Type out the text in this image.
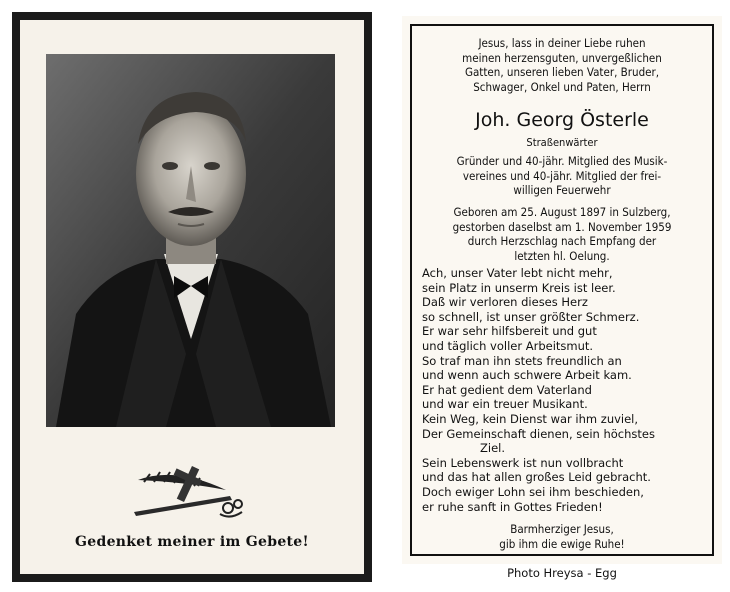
Gedenket meiner im Gebete!
Jesus, lass in deiner Liebe ruhen
meinen herzensguten, unvergeßlichen
Gatten, unseren lieben Vater, Bruder,
Schwager, Onkel und Paten, Herrn
Joh. Georg Österle
Straßenwärter
Gründer und 40-jähr. Mitglied des Musik-
vereines und 40-jähr. Mitglied der frei-
willigen Feuerwehr
Geboren am 25. August 1897 in Sulzberg,
gestorben daselbst am 1. November 1959
durch Herzschlag nach Empfang der
letzten hl. Oelung.
Ach, unser Vater lebt nicht mehr,
sein Platz in unserm Kreis ist leer.
Daß wir verloren dieses Herz
so schnell, ist unser größter Schmerz.
Er war sehr hilfsbereit und gut
und täglich voller Arbeitsmut.
So traf man ihn stets freundlich an
und wenn auch schwere Arbeit kam.
Er hat gedient dem Vaterland
und war ein treuer Musikant.
Kein Weg, kein Dienst war ihm zuviel,
Der Gemeinschaft dienen, sein höchstes
Ziel.
Sein Lebenswerk ist nun vollbracht
und das hat allen großes Leid gebracht.
Doch ewiger Lohn sei ihm beschieden,
er ruhe sanft in Gottes Frieden!
Barmherziger Jesus,
gib ihm die ewige Ruhe!
Photo Hreysa - Egg
